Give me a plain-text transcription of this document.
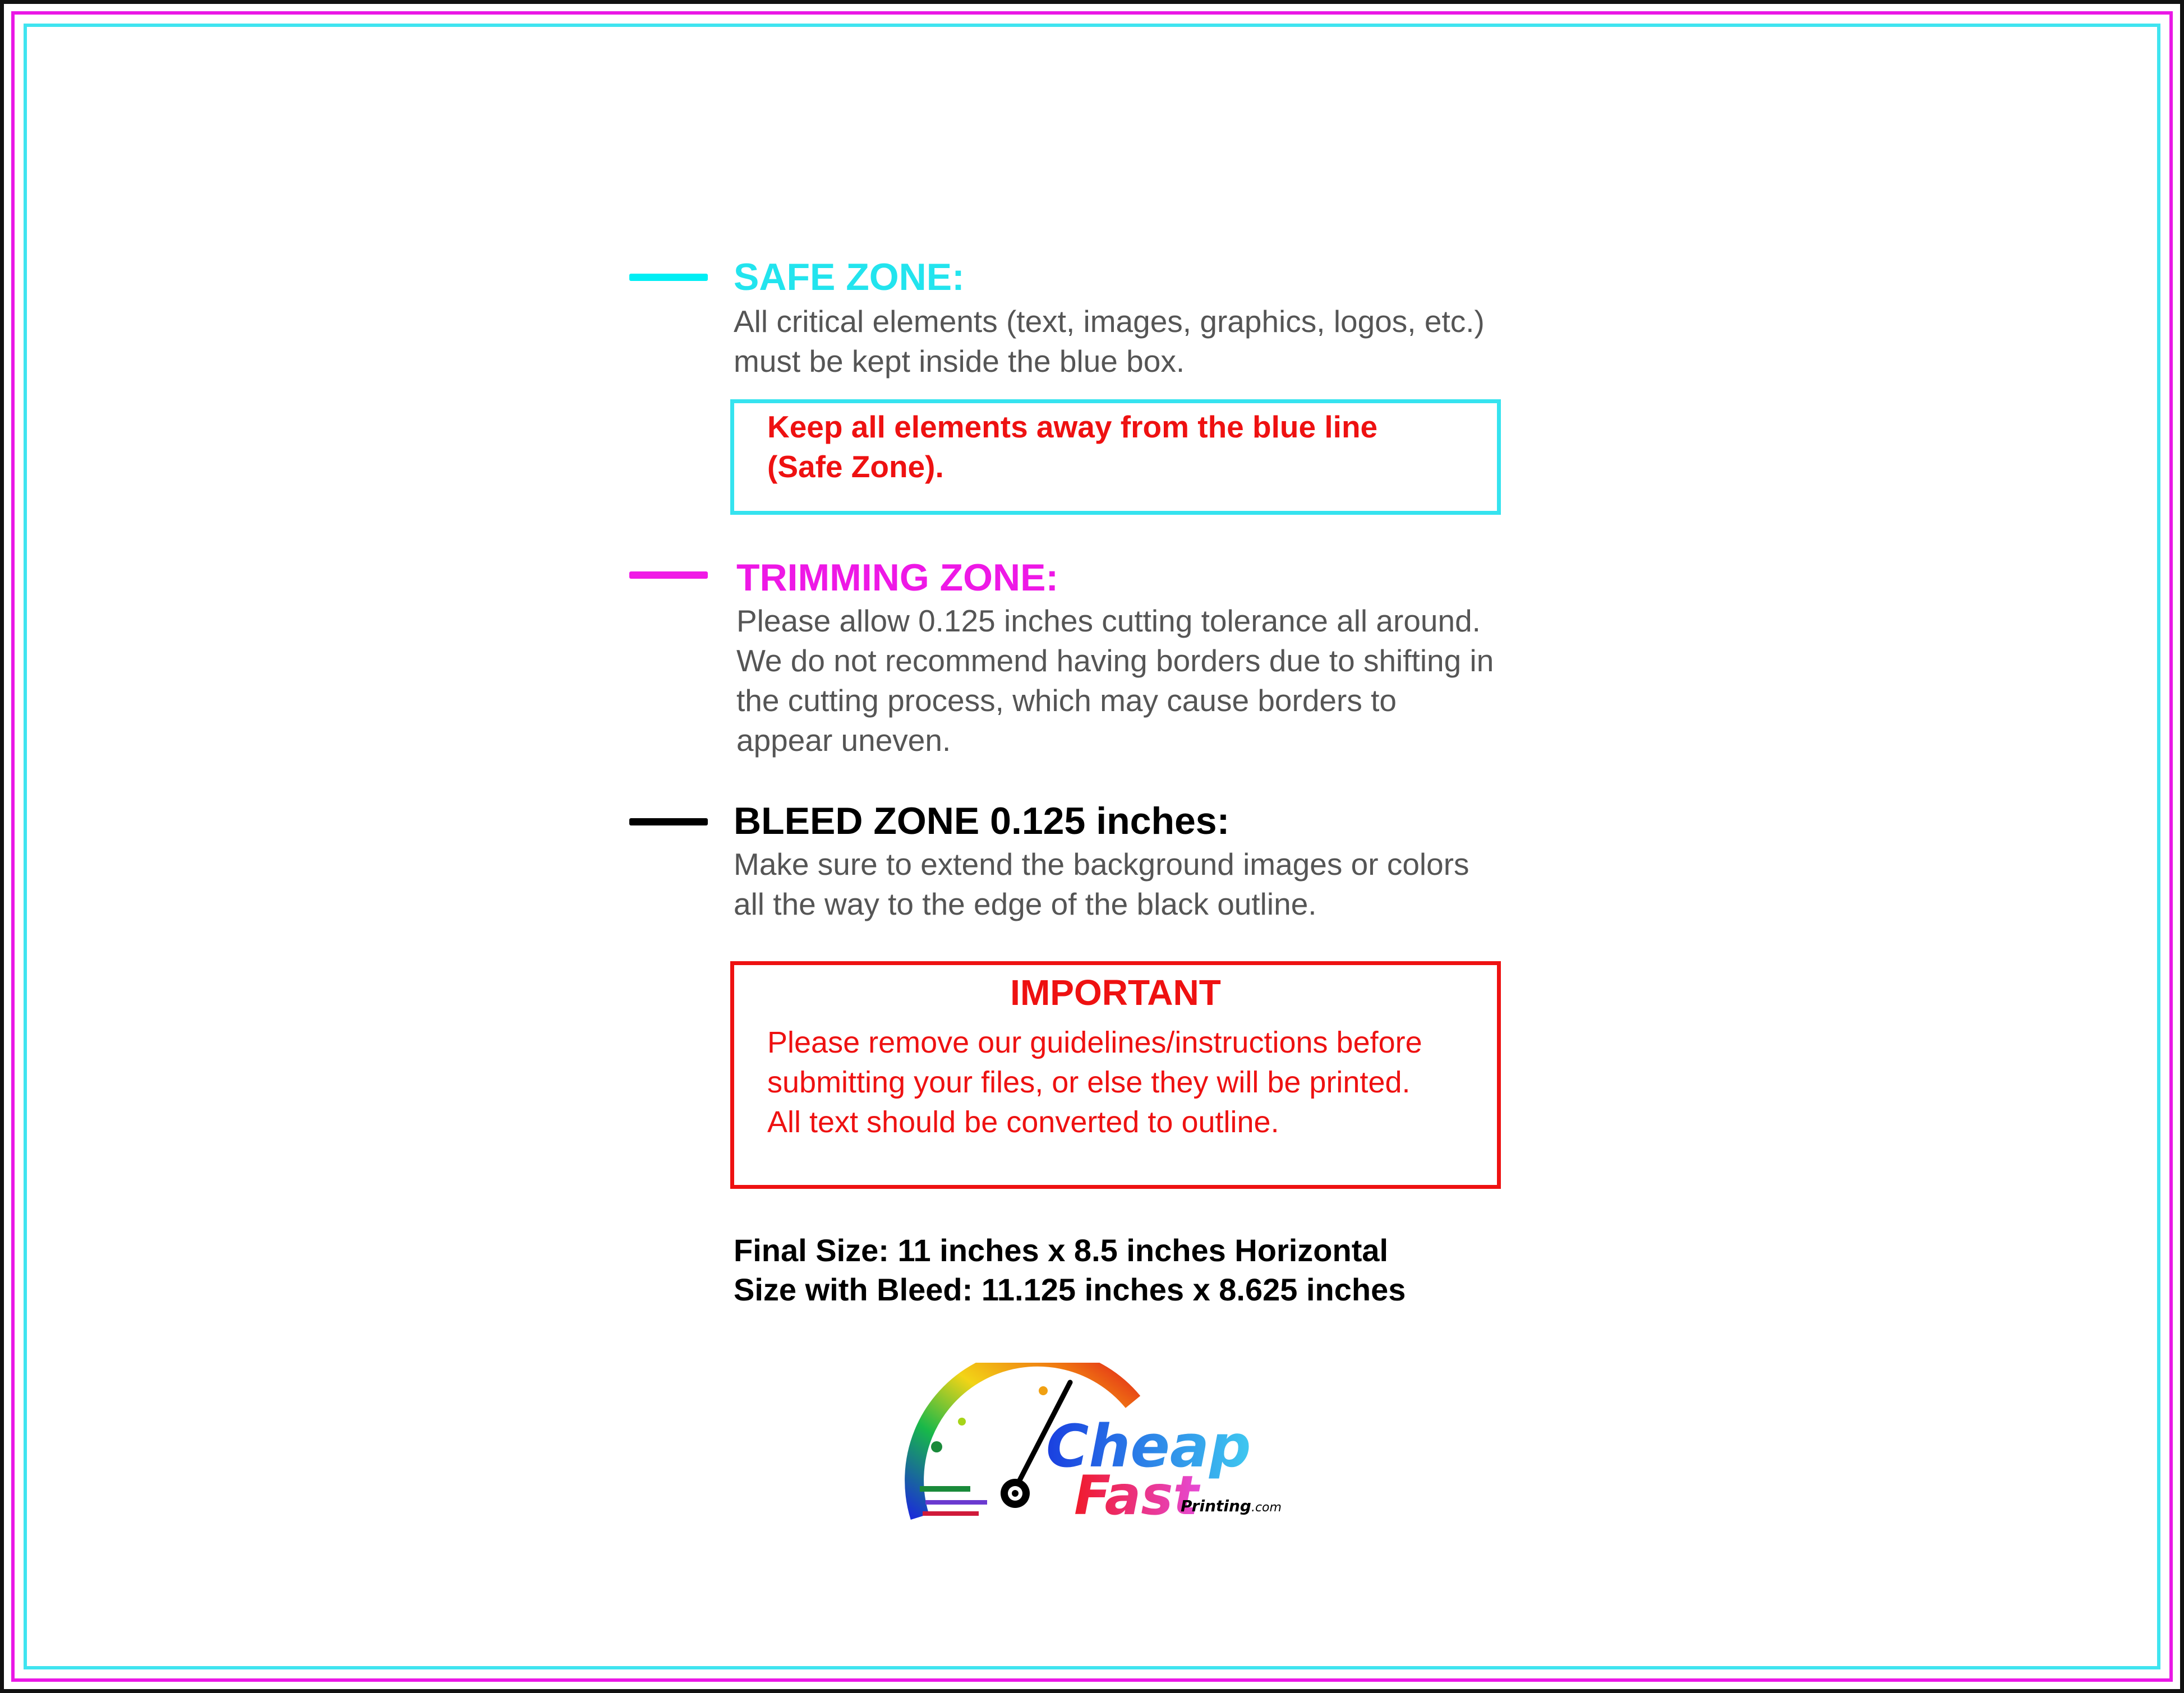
SAFE ZONE:
All critical elements (text, images, graphics, logos, etc.)
must be kept inside the blue box.
Keep all elements away from the blue line
(Safe Zone).
TRIMMING ZONE:
Please allow 0.125 inches cutting tolerance all around.
We do not recommend having borders due to shifting in
the cutting process, which may cause borders to
appear uneven.
BLEED ZONE 0.125 inches:
Make sure to extend the background images or colors
all the way to the edge of the black outline.
IMPORTANT
Please remove our guidelines/instructions before
submitting your files, or else they will be printed.
All text should be converted to outline.
Final Size: 11 inches x 8.5 inches Horizontal
Size with Bleed: 11.125 inches x 8.625 inches
Cheap
Fast
Printing.com
